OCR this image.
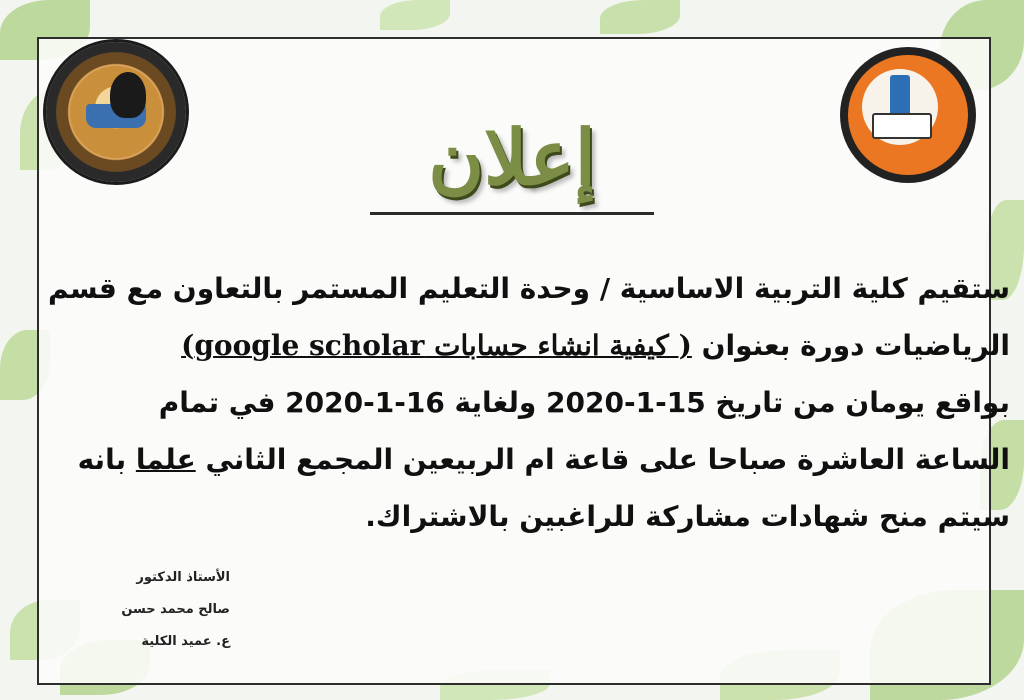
إعلان

ستقيم كلية التربية الاساسية / وحدة التعليم المستمر بالتعاون مع قسم

الرياضيات دورة بعنوان ( كيفية انشاء حسابات google scholar)

بواقع يومان من تاريخ 15-1-2020 ولغاية 16-1-2020 في تمام

الساعة العاشرة صباحا على قاعة ام الربيعين المجمع الثاني علما بانه

سيتم منح شهادات مشاركة للراغبين بالاشتراك.

الأستاذ الدكتور

صالح محمد حسن

ع. عميد الكلية
